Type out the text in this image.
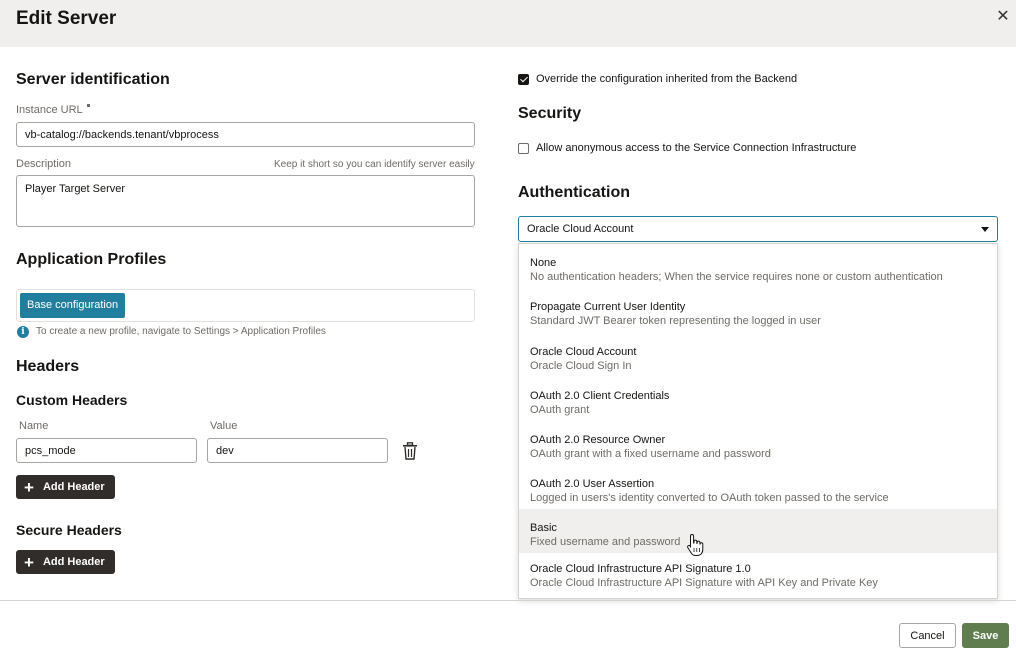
Edit Server	✕
Server identification
Instance URL
vb-catalog://backends.tenant/vbprocess
Description	Keep it short so you can identify server easily
Player Target Server
Application Profiles
Base configuration
i	To create a new profile, navigate to Settings > Application Profiles
Headers
Custom Headers
Name	Value
pcs_mode	dev
+ Add Header
Secure Headers
+ Add Header
Override the configuration inherited from the Backend
Security
Allow anonymous access to the Service Connection Infrastructure
Authentication
Oracle Cloud Account
None
No authentication headers; When the service requires none or custom authentication
Propagate Current User Identity
Standard JWT Bearer token representing the logged in user
Oracle Cloud Account
Oracle Cloud Sign In
OAuth 2.0 Client Credentials
OAuth grant
OAuth 2.0 Resource Owner
OAuth grant with a fixed username and password
OAuth 2.0 User Assertion
Logged in users's identity converted to OAuth token passed to the service
Basic
Fixed username and password
Oracle Cloud Infrastructure API Signature 1.0
Oracle Cloud Infrastructure API Signature with API Key and Private Key
Cancel	Save
